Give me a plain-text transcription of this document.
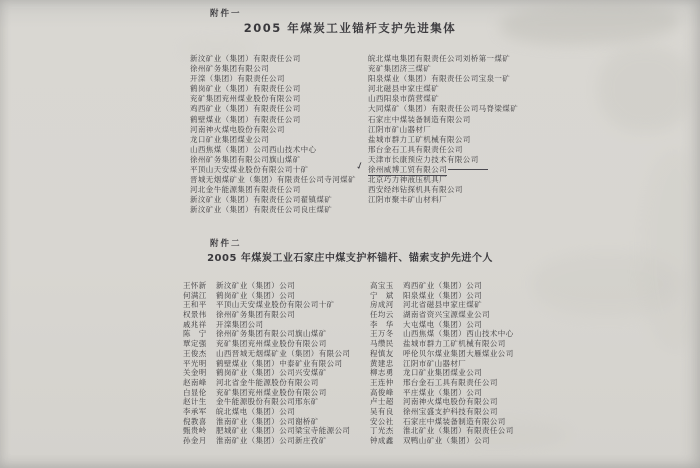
附件一
2005 年煤炭工业锚杆支护先进集体
新汶矿业（集团）有限责任公司
徐州矿务集团有限公司
开滦（集团）有限责任公司
鹤岗矿业（集团）有限责任公司
兖矿集团兖州煤业股份有限公司
鸡西矿业（集团）有限责任公司
鹤壁煤业（集团）有限责任公司
河南神火煤电股份有限公司
龙口矿业集团煤业公司
山西焦煤（集团）公司西山技术中心
徐州矿务集团有限公司旗山煤矿
平顶山天安煤业股份有限公司十矿
晋城无烟煤矿业（集团）有限责任公司寺河煤矿
河北金牛能源集团有限责任公司
新汶矿业（集团）有限责任公司翟镇煤矿
新汶矿业（集团）有限责任公司良庄煤矿
皖北煤电集团有限责任公司刘桥第一煤矿
兖矿集团济三煤矿
阳泉煤业（集团）有限责任公司宝泉一矿
河北磁县申家庄煤矿
山西阳泉市荫营煤矿
大同煤矿（集团）有限责任公司马脊梁煤矿
石家庄中煤装备制造有限公司
江阴市矿山器材厂
盐城市群力工矿机械有限公司
邢台金石工具有限责任公司
天津市长康预应力技术有限公司
✓ 徐州威博工贸有限公司
北京巧力神液压机具厂
西安经纬钻探机具有限公司
江阴市聚丰矿山材料厂
附件二
2005 年煤炭工业石家庄中煤支护杯锚杆、锚索支护先进个人
王怀新 新汶矿业（集团）公司
何满江 鹤岗矿业（集团）公司
王和平 平顶山天安煤业股份有限公司十矿
权景伟 徐州矿务集团有限公司
戚兆祥 开滦集团公司
陈　宁 徐州矿务集团有限公司旗山煤矿
覃定强 兖矿集团兖州煤业股份有限公司
王俊杰 山西晋城无烟煤矿业（集团）有限公司
平光明 鹤壁煤业（集团）中泰矿业有限公司
关金明 鹤岗矿业（集团）公司兴安煤矿
赵南峰 河北省金牛能源股份有限公司
白显伦 兖矿集团兖州煤业股份有限公司
赵计生 金牛能源股份有限公司邢东矿
李承军 皖北煤电（集团）公司
倪教喜 淮南矿业（集团）公司谢桥矿
甄贵岭 肥城矿业（集团）公司梁宝寺能源公司
孙金月 淮南矿业（集团）公司新庄孜矿
高宝玉 鸡西矿业（集团）公司
宁　斌 阳泉煤业（集团）公司
房成河 河北省磁县申家庄煤矿
任均云 湖南省资兴宝源煤业公司
李　华 大屯煤电（集团）公司
王万冬 山西焦煤（集团）西山技术中心
马缵民 盐城市群力工矿机械有限公司
程慎友 呼伦贝尔煤业集团大雁煤业公司
黄建忠 江阴市矿山器材厂
柳志勇 龙口矿业集团煤业公司
王连仲 邢台金石工具有限责任公司
高俊峰 平庄煤业（集团）公司
卢士超 河南神火煤电股份有限公司
吴有良 徐州宝盛支护科技有限公司
安公社 石家庄中煤装备制造有限公司
丁光杰 淮北矿业（集团）有限责任公司
钟成鑫 双鸭山矿业（集团）公司
